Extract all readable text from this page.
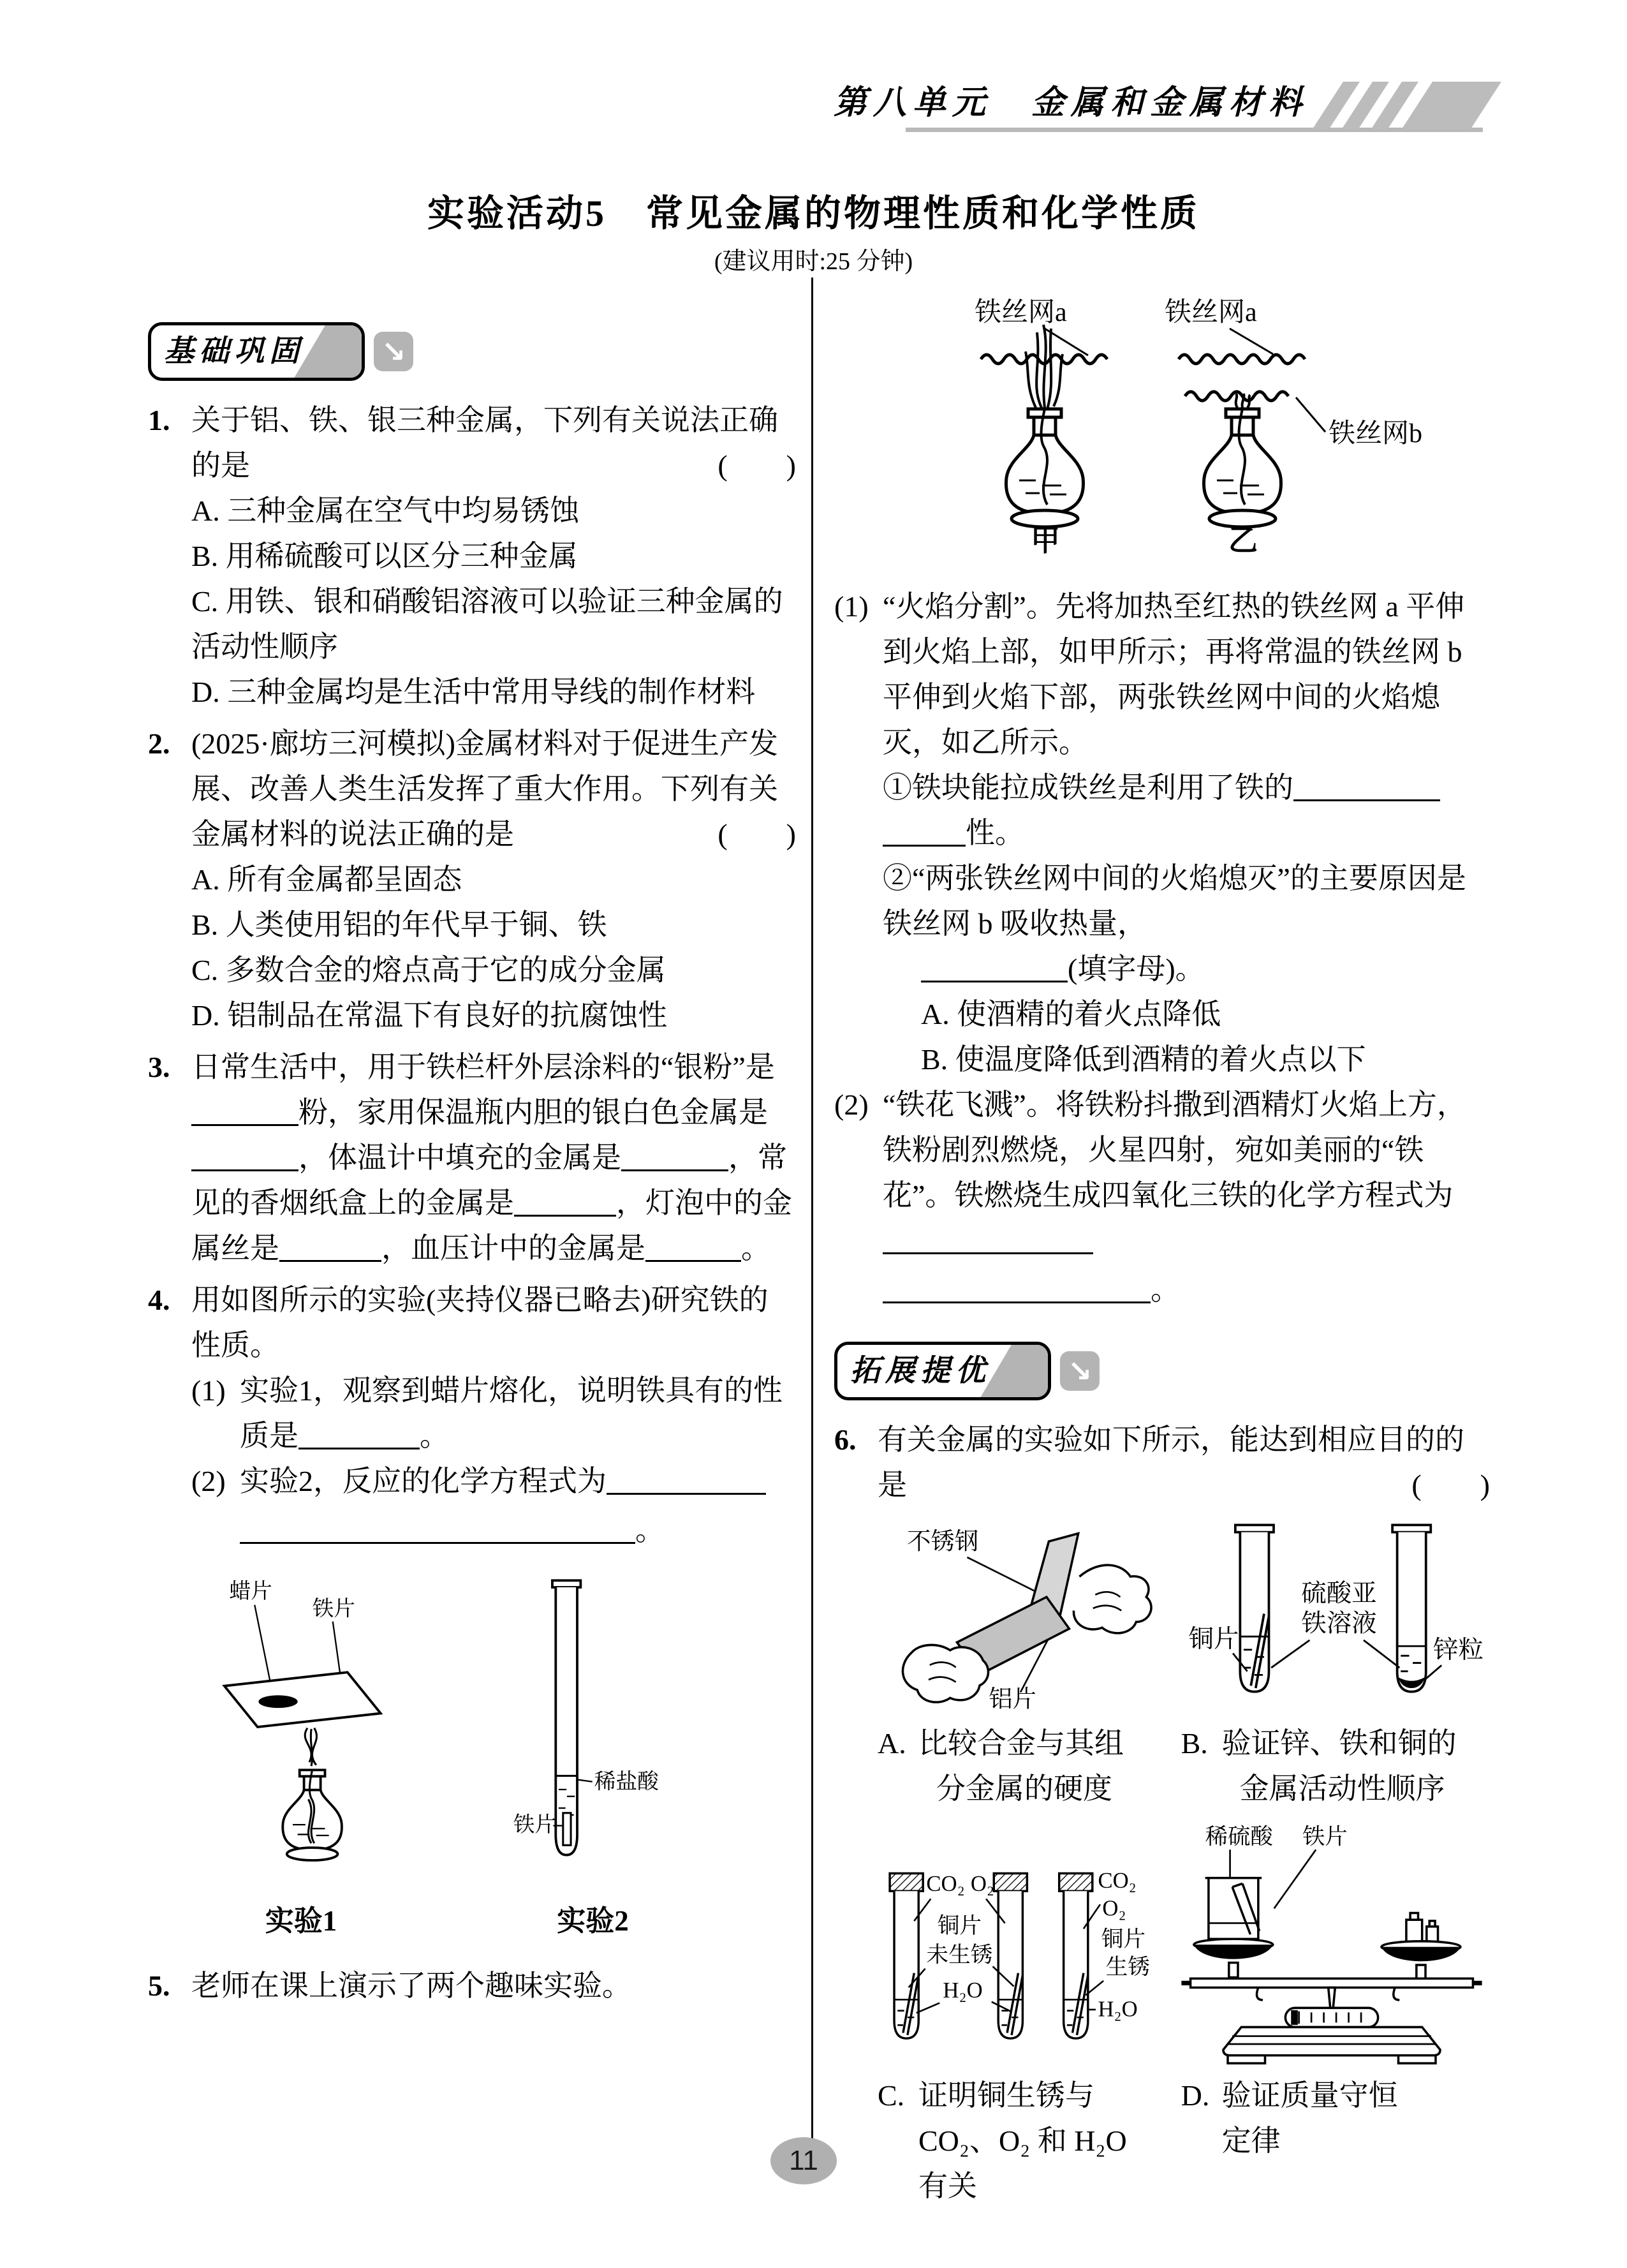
第八单元　金属和金属材料
实验活动5　常见金属的物理性质和化学性质
(建议用时:25 分钟)
基础巩固	↘
1. 关于铝、铁、银三种金属，下列有关说法正确的是	(　　)
A. 三种金属在空气中均易锈蚀
B. 用稀硫酸可以区分三种金属
C. 用铁、银和硝酸铝溶液可以验证三种金属的活动性顺序
D. 三种金属均是生活中常用导线的制作材料
2. (2025·廊坊三河模拟)金属材料对于促进生产发展、改善人类生活发挥了重大作用。下列有关金属材料的说法正确的是	(　　)
A. 所有金属都呈固态
B. 人类使用铝的年代早于铜、铁
C. 多数合金的熔点高于它的成分金属
D. 铝制品在常温下有良好的抗腐蚀性
3. 日常生活中，用于铁栏杆外层涂料的“银粉”是粉，家用保温瓶内胆的银白色金属是，体温计中填充的金属是	，常见的香烟纸盒上的金属是	，灯泡中的金属丝是	，血压计中的金属是	。
4. 用如图所示的实验(夹持仪器已略去)研究铁的性质。
(1) 实验1，观察到蜡片熔化，说明铁具有的性质是	。
(2) 实验2，反应的化学方程式为
。
蜡片
铁片
实验1
稀盐酸
铁片
实验2
5. 老师在课上演示了两个趣味实验。
铁丝网a	铁丝网a
铁丝网b
甲	乙
(1) “火焰分割”。先将加热至红热的铁丝网 a 平伸到火焰上部，如甲所示；再将常温的铁丝网 b 平伸到火焰下部，两张铁丝网中间的火焰熄灭，如乙所示。
①铁块能拉成铁丝是利用了铁的
性。
②“两张铁丝网中间的火焰熄灭”的主要原因是铁丝网 b 吸收热量，
(填字母)。
A. 使酒精的着火点降低
B. 使温度降低到酒精的着火点以下
(2) “铁花飞溅”。将铁粉抖撒到酒精灯火焰上方，铁粉剧烈燃烧，火星四射，宛如美丽的“铁花”。铁燃烧生成四氧化三铁的化学方程式为
。
拓展提优	↘
6. 有关金属的实验如下所示，能达到相应目的的是	(　　)
不锈钢
铝片
铜片
硫酸亚
铁溶液
锌粒
A. 比较合金与其组
分金属的硬度
B. 验证锌、铁和铜的
金属活动性顺序
CO₂ O₂
铜片
未生锈
H₂O
CO₂
O₂
铜片
生锈
H₂O
稀硫酸 铁片
C. 证明铜生锈与
CO₂、O₂ 和 H₂O
有关
D. 验证质量守恒
定律
11
